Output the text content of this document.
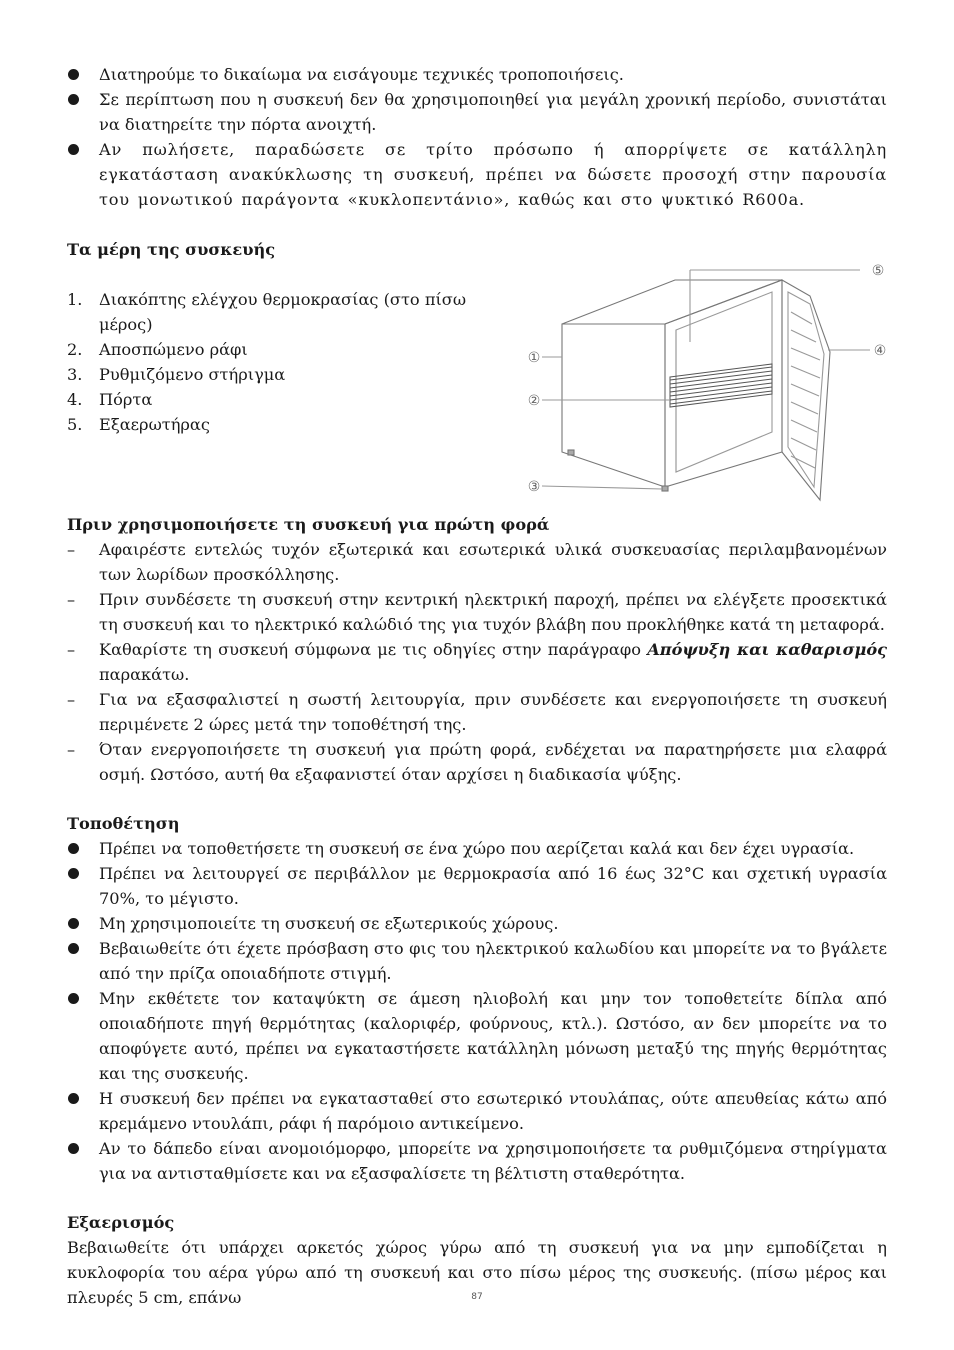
Διατηρούμε το δικαίωμα να εισάγουμε τεχνικές τροποποιήσεις.
Σε περίπτωση που η συσκευή δεν θα χρησιμοποιηθεί για μεγάλη χρονική περίοδο, συνιστάται να διατηρείτε την πόρτα ανοιχτή.
Αν πωλήσετε, παραδώσετε σε τρίτο πρόσωπο ή απορρίψετε σε κατάλληλη εγκατάσταση ανακύκλωσης τη συσκευή, πρέπει να δώσετε προσοχή στην παρουσία του μονωτικού παράγοντα «κυκλοπεντάνιο», καθώς και στο ψυκτικό R600a.

Τα μέρη της συσκευής

1. Διακόπτης ελέγχου θερμοκρασίας (στο πίσω μέρος)
2. Αποσπώμενο ράφι
3. Ρυθμιζόμενο στήριγμα
4. Πόρτα
5. Εξαερωτήρας
①
②
③
④
⑤

Πριν χρησιμοποιήσετε τη συσκευή για πρώτη φορά

– Αφαιρέστε εντελώς τυχόν εξωτερικά και εσωτερικά υλικά συσκευασίας περιλαμβανομένων των λωρίδων προσκόλλησης.
– Πριν συνδέσετε τη συσκευή στην κεντρική ηλεκτρική παροχή, πρέπει να ελέγξετε προσεκτικά τη συσκευή και το ηλεκτρικό καλώδιό της για τυχόν βλάβη που προκλήθηκε κατά τη μεταφορά.
– Καθαρίστε τη συσκευή σύμφωνα με τις οδηγίες στην παράγραφο Απόψυξη και καθαρισμός παρακάτω.
– Για να εξασφαλιστεί η σωστή λειτουργία, πριν συνδέσετε και ενεργοποιήσετε τη συσκευή περιμένετε 2 ώρες μετά την τοποθέτησή της.
– Όταν ενεργοποιήσετε τη συσκευή για πρώτη φορά, ενδέχεται να παρατηρήσετε μια ελαφρά οσμή. Ωστόσο, αυτή θα εξαφανιστεί όταν αρχίσει η διαδικασία ψύξης.

Τοποθέτηση

Πρέπει να τοποθετήσετε τη συσκευή σε ένα χώρο που αερίζεται καλά και δεν έχει υγρασία.
Πρέπει να λειτουργεί σε περιβάλλον με θερμοκρασία από 16 έως 32°C και σχετική υγρασία 70%, το μέγιστο.
Μη χρησιμοποιείτε τη συσκευή σε εξωτερικούς χώρους.
Βεβαιωθείτε ότι έχετε πρόσβαση στο φις του ηλεκτρικού καλωδίου και μπορείτε να το βγάλετε από την πρίζα οποιαδήποτε στιγμή.
Μην εκθέτετε τον καταψύκτη σε άμεση ηλιοβολή και μην τον τοποθετείτε δίπλα από οποιαδήποτε πηγή θερμότητας (καλοριφέρ, φούρνους, κτλ.). Ωστόσο, αν δεν μπορείτε να το αποφύγετε αυτό, πρέπει να εγκαταστήσετε κατάλληλη μόνωση μεταξύ της πηγής θερμότητας και της συσκευής.
Η συσκευή δεν πρέπει να εγκατασταθεί στο εσωτερικό ντουλάπας, ούτε απευθείας κάτω από κρεμάμενο ντουλάπι, ράφι ή παρόμοιο αντικείμενο.
Αν το δάπεδο είναι ανομοιόμορφο, μπορείτε να χρησιμοποιήσετε τα ρυθμιζόμενα στηρίγματα για να αντισταθμίσετε και να εξασφαλίσετε τη βέλτιστη σταθερότητα.

Εξαερισμός

Βεβαιωθείτε ότι υπάρχει αρκετός χώρος γύρω από τη συσκευή για να μην εμποδίζεται η κυκλοφορία του αέρα γύρω από τη συσκευή και στο πίσω μέρος της συσκευής. (πίσω μέρος και πλευρές 5 cm, επάνω	87
